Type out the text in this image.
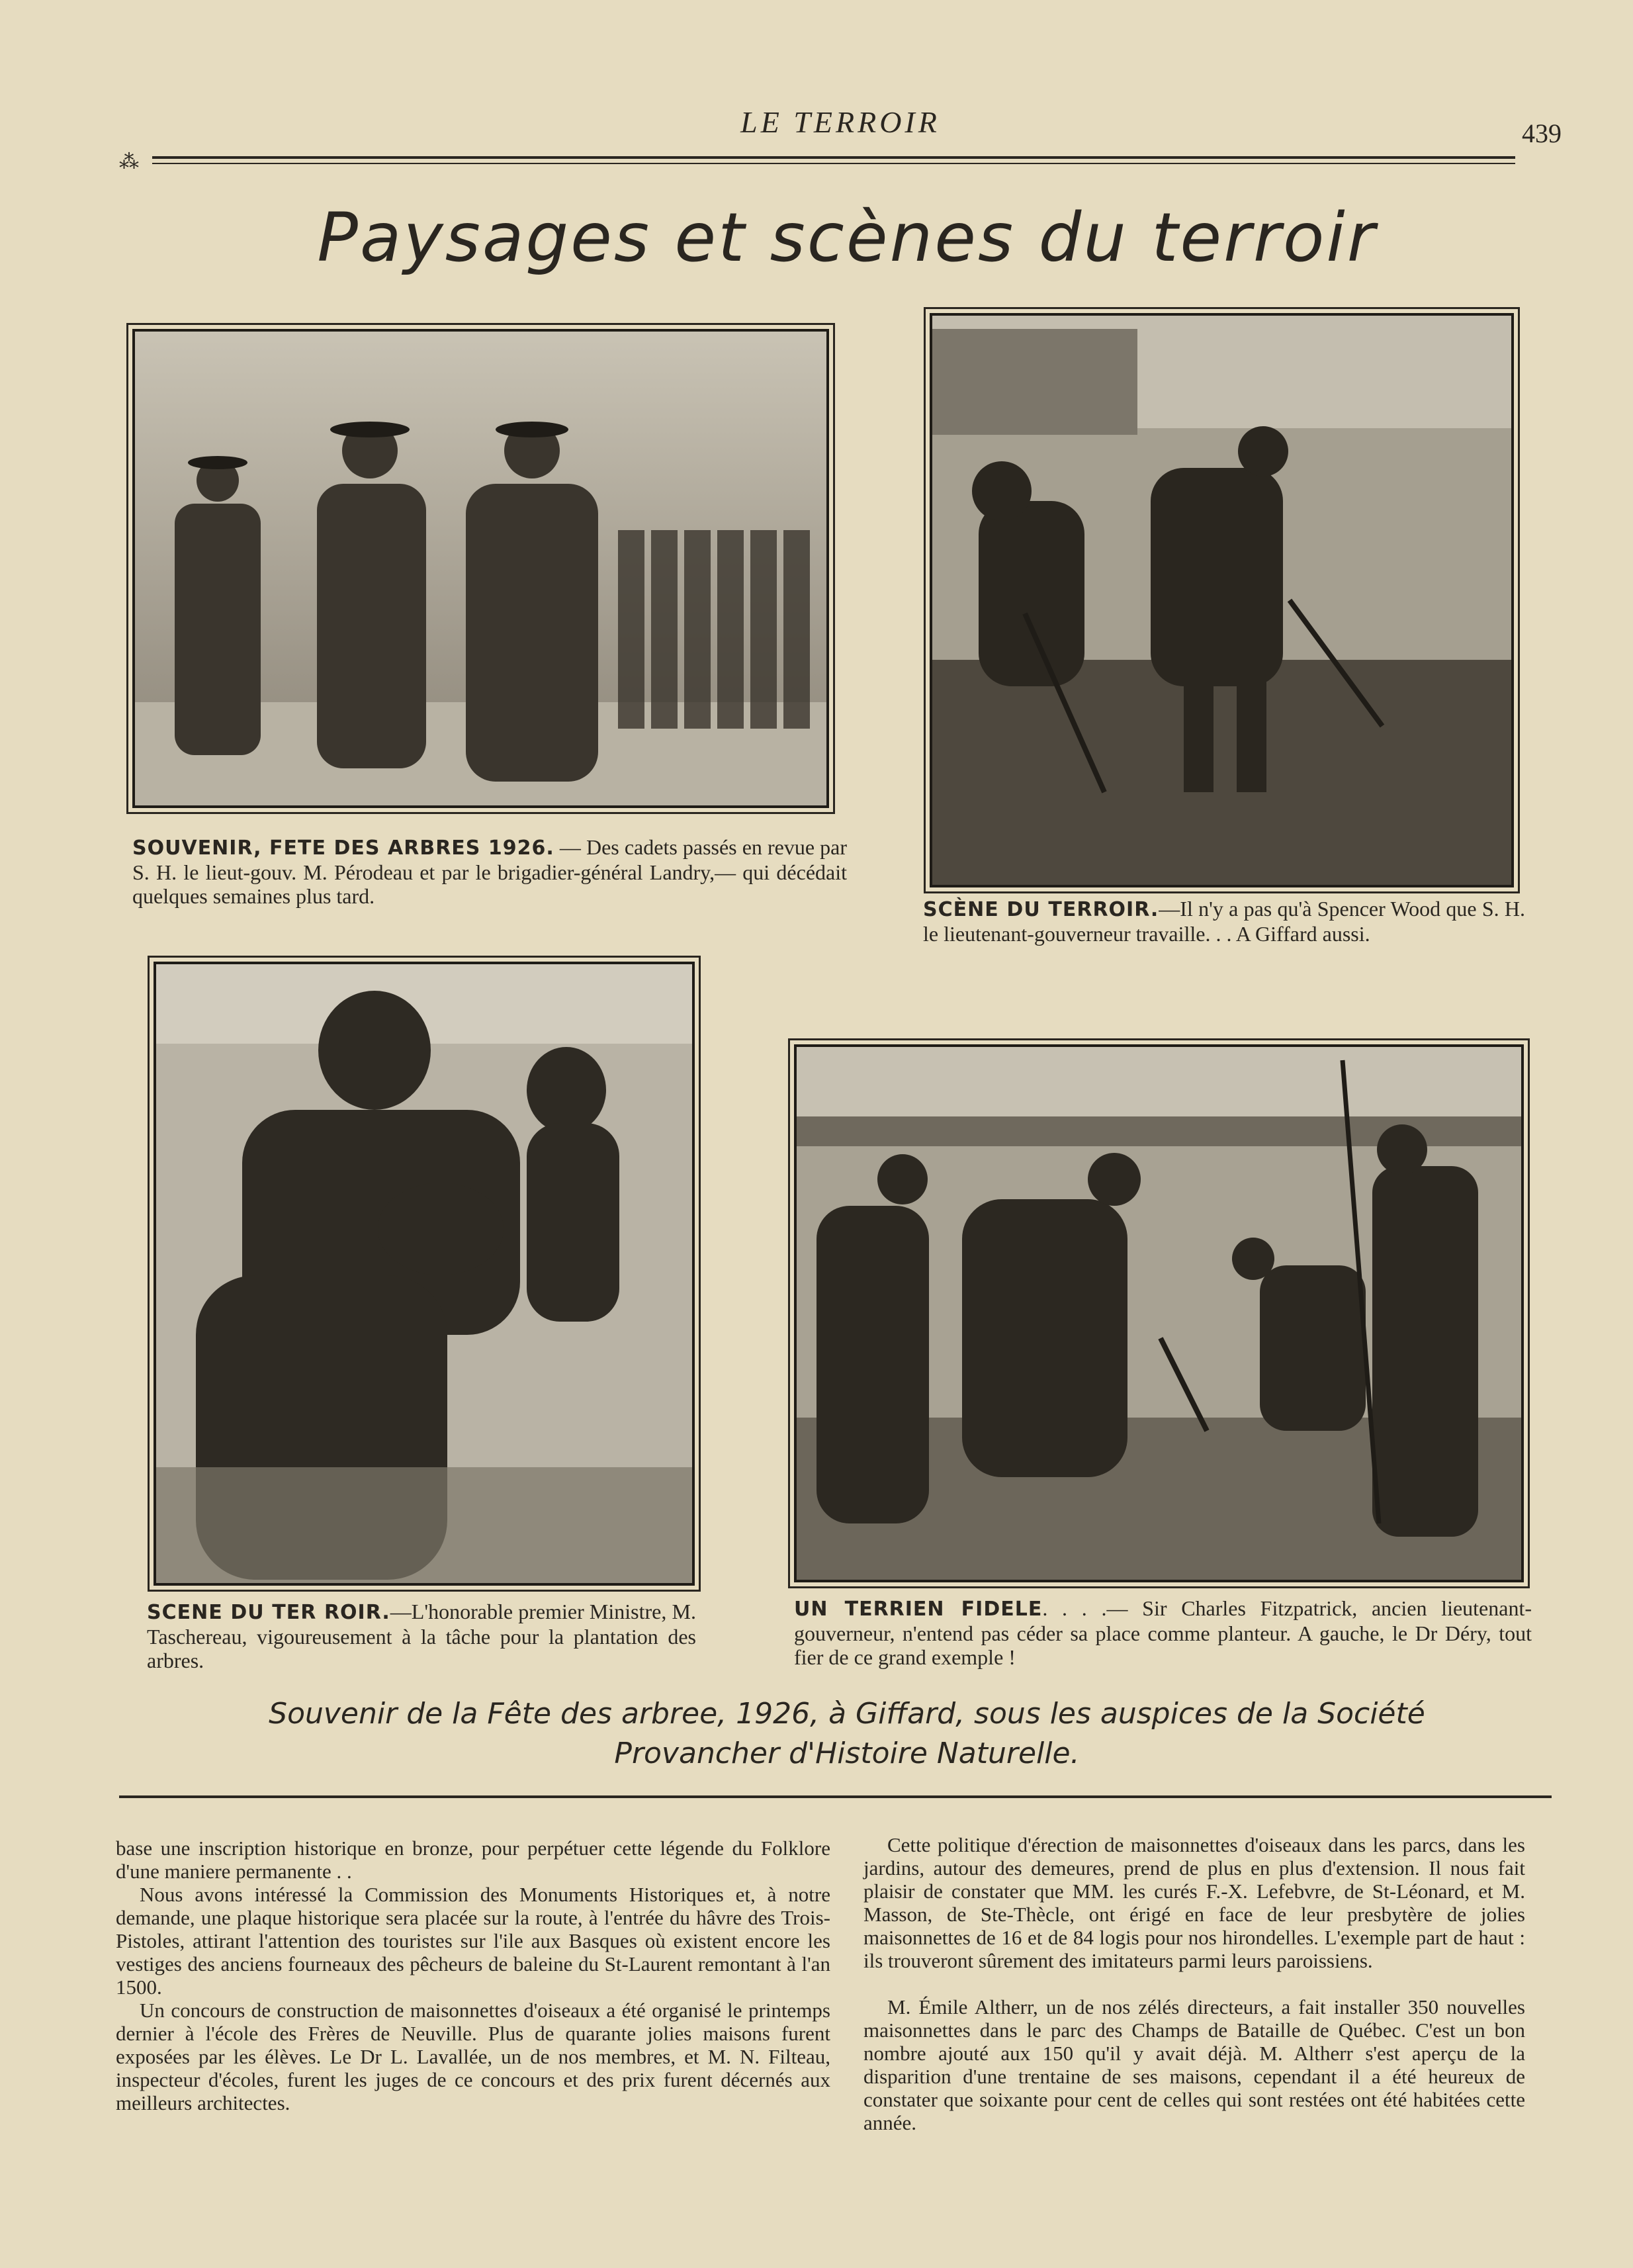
LE TERROIR	439
⁂
Paysages et scènes du terroir
SOUVENIR, FETE DES ARBRES 1926. — Des cadets passés en revue par S. H. le lieut-gouv. M. Pérodeau et par le brigadier-général Landry,— qui décédait quelques semaines plus tard.
SCÈNE DU TERROIR.—Il n'y a pas qu'à Spencer Wood que S. H. le lieutenant-gouverneur travaille. . . A Giffard aussi.
SCENE DU TER ROIR.—L'honorable premier Ministre, M. Taschereau, vigoureusement à la tâche pour la plantation des arbres.
UN TERRIEN FIDELE. . . .— Sir Charles Fitzpatrick, ancien lieutenant-gouverneur, n'entend pas céder sa place comme planteur. A gauche, le Dr Déry, tout fier de ce grand exemple !
Souvenir de la Fête des arbree, 1926, à Giffard, sous les auspices de la Société
Provancher d'Histoire Naturelle.

base une inscription historique en bronze, pour perpétuer cette légende du Folklore d'une maniere permanente . .

Nous avons intéressé la Commission des Monuments Historiques et, à notre demande, une plaque historique sera placée sur la route, à l'entrée du hâvre des Trois-Pistoles, attirant l'attention des touristes sur l'ile aux Basques où existent encore les vestiges des anciens fourneaux des pêcheurs de baleine du St-Laurent remontant à l'an 1500.

Un concours de construction de maisonnettes d'oiseaux a été organisé le printemps dernier à l'école des Frères de Neuville. Plus de quarante jolies maisons furent exposées par les élèves. Le Dr L. Lavallée, un de nos membres, et M. N. Filteau, inspecteur d'écoles, furent les juges de ce concours et des prix furent décernés aux meilleurs architectes.

Cette politique d'érection de maisonnettes d'oiseaux dans les parcs, dans les jardins, autour des demeures, prend de plus en plus d'extension. Il nous fait plaisir de constater que MM. les curés F.-X. Lefebvre, de St-Léonard, et M. Masson, de Ste-Thècle, ont érigé en face de leur presbytère de jolies maisonnettes de 16 et de 84 logis pour nos hirondelles. L'exemple part de haut : ils trouveront sûrement des imitateurs parmi leurs paroissiens.

M. Émile Altherr, un de nos zélés directeurs, a fait installer 350 nouvelles maisonnettes dans le parc des Champs de Bataille de Québec. C'est un bon nombre ajouté aux 150 qu'il y avait déjà. M. Altherr s'est aperçu de la disparition d'une trentaine de ses maisons, cependant il a été heureux de constater que soixante pour cent de celles qui sont restées ont été habitées cette année.
